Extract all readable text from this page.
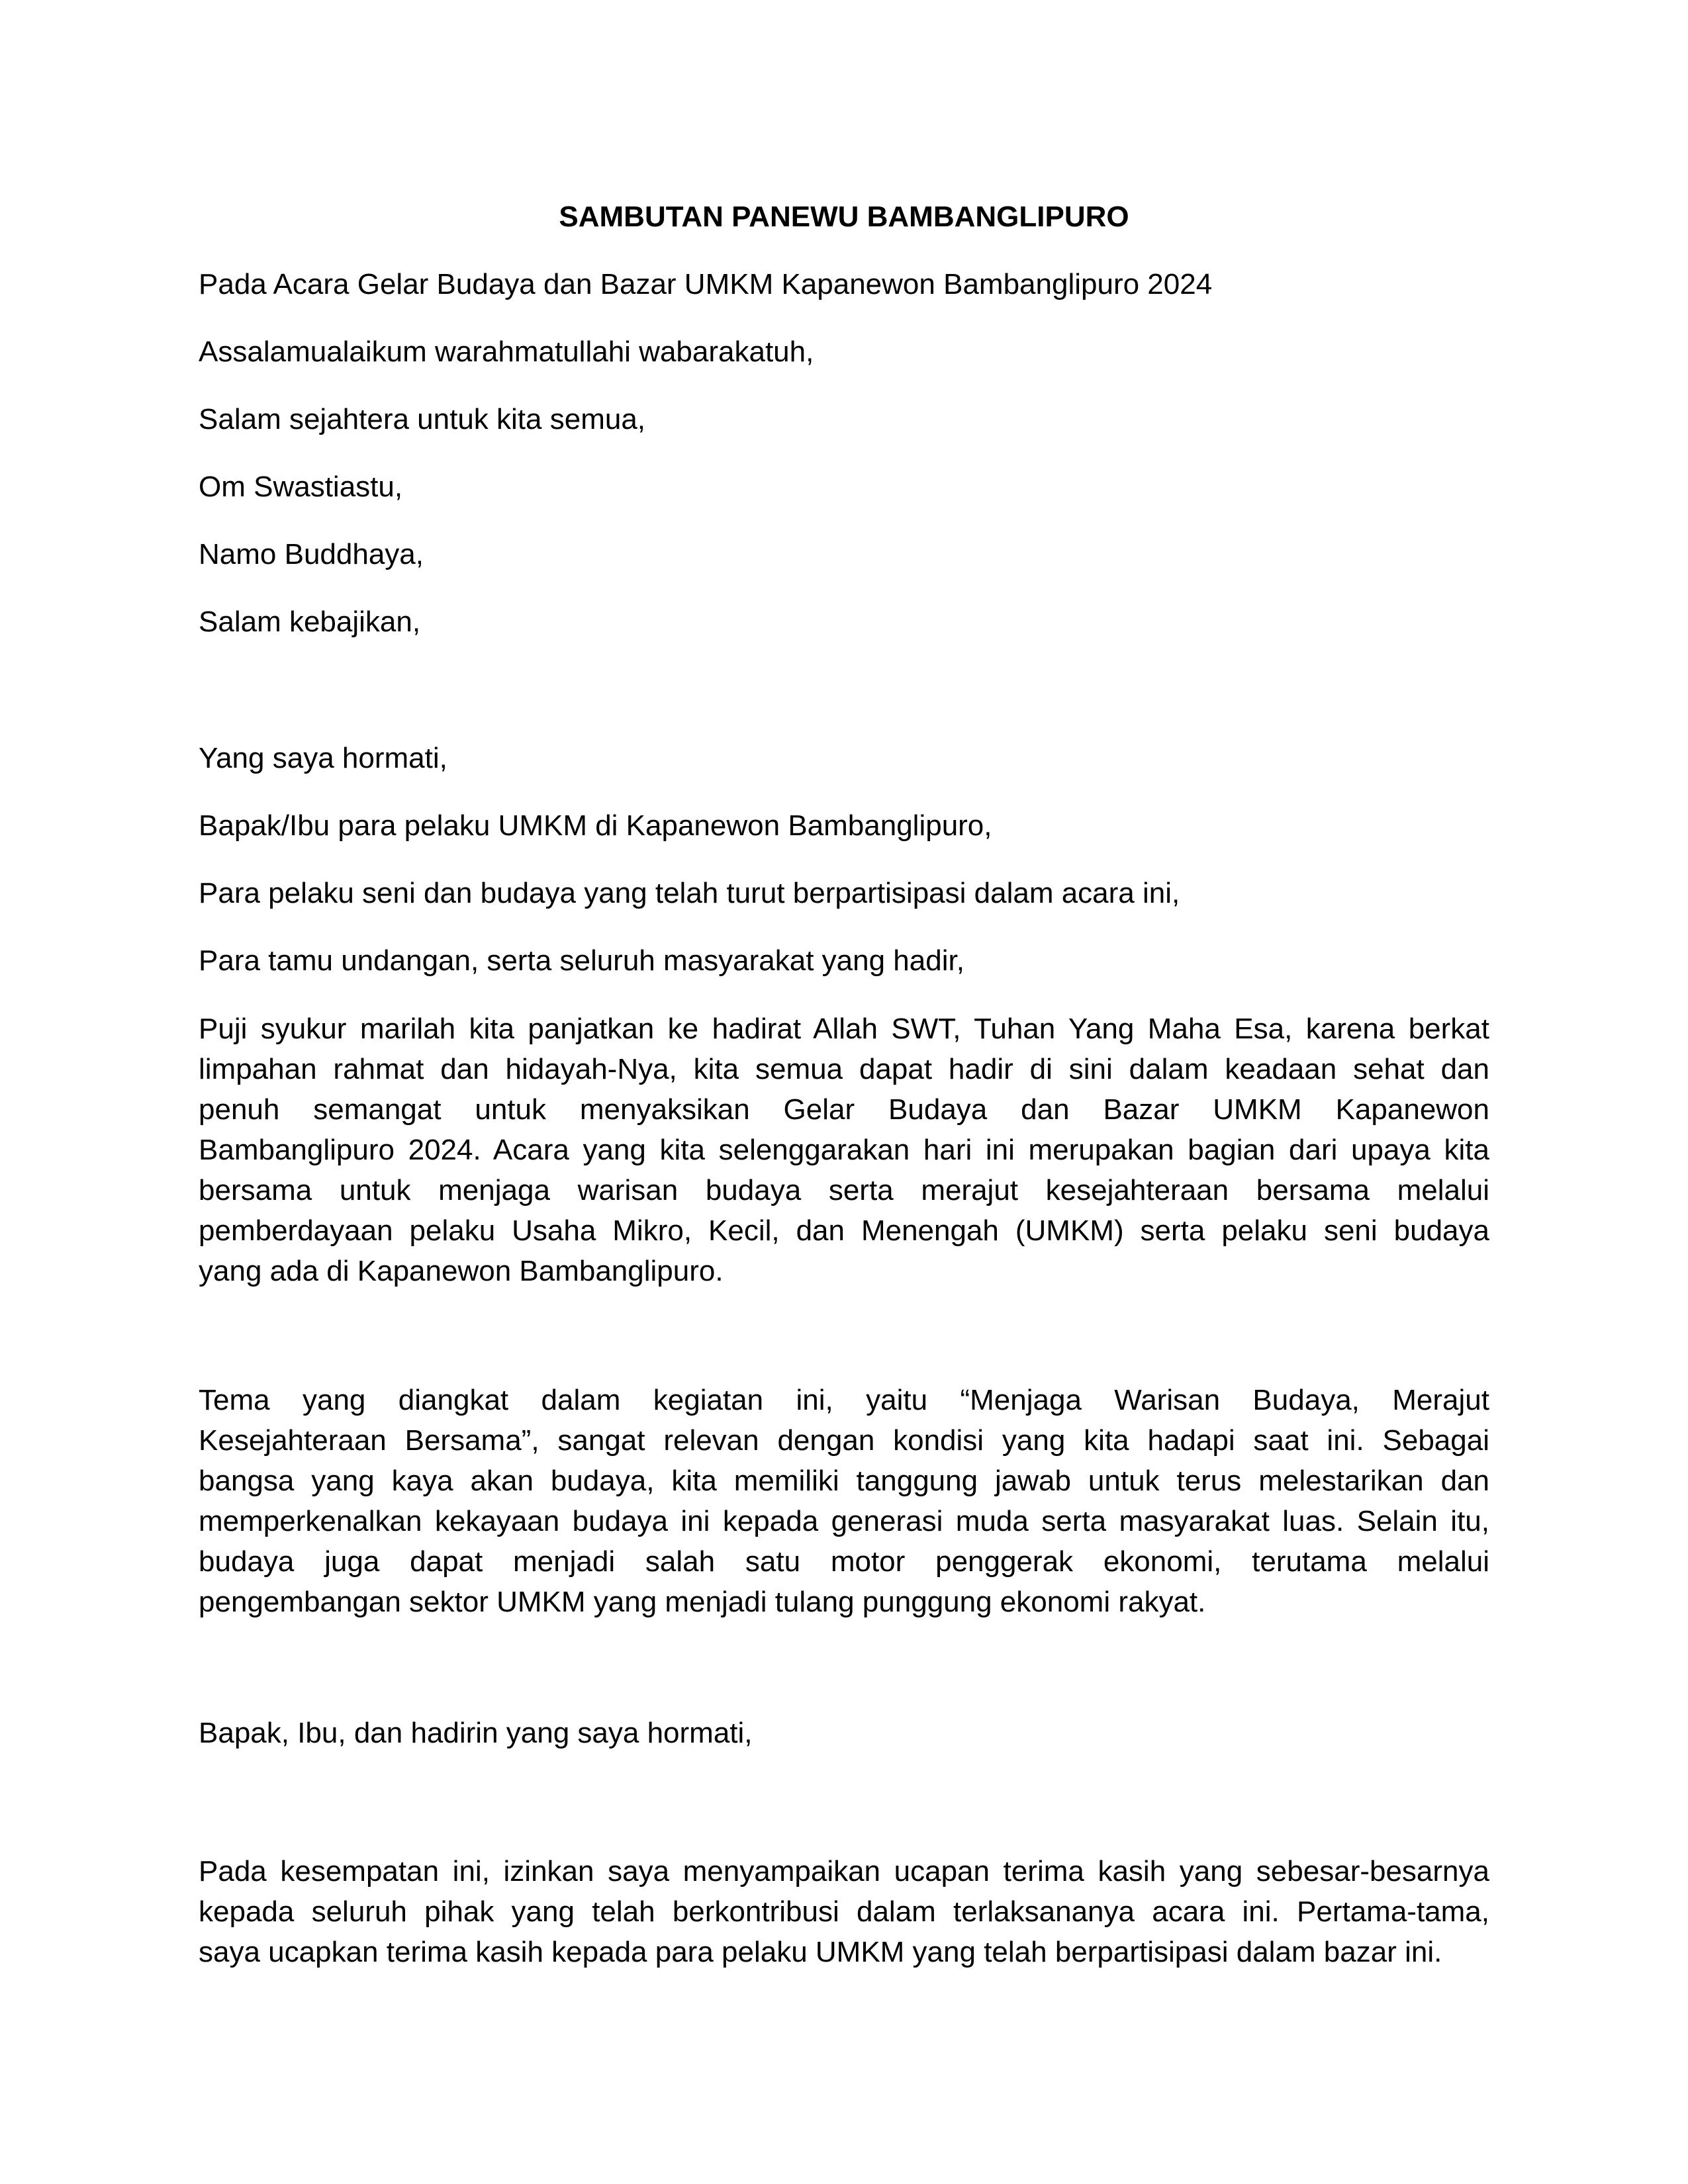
SAMBUTAN PANEWU BAMBANGLIPURO

Pada Acara Gelar Budaya dan Bazar UMKM Kapanewon Bambanglipuro 2024

Assalamualaikum warahmatullahi wabarakatuh,

Salam sejahtera untuk kita semua,

Om Swastiastu,

Namo Buddhaya,

Salam kebajikan,

Yang saya hormati,

Bapak/Ibu para pelaku UMKM di Kapanewon Bambanglipuro,

Para pelaku seni dan budaya yang telah turut berpartisipasi dalam acara ini,

Para tamu undangan, serta seluruh masyarakat yang hadir,

Puji syukur marilah kita panjatkan ke hadirat Allah SWT, Tuhan Yang Maha Esa, karena berkat
limpahan rahmat dan hidayah-Nya, kita semua dapat hadir di sini dalam keadaan sehat dan
penuh semangat untuk menyaksikan Gelar Budaya dan Bazar UMKM Kapanewon
Bambanglipuro 2024. Acara yang kita selenggarakan hari ini merupakan bagian dari upaya kita
bersama untuk menjaga warisan budaya serta merajut kesejahteraan bersama melalui
pemberdayaan pelaku Usaha Mikro, Kecil, dan Menengah (UMKM) serta pelaku seni budaya
yang ada di Kapanewon Bambanglipuro.
Tema yang diangkat dalam kegiatan ini, yaitu “Menjaga Warisan Budaya, Merajut
Kesejahteraan Bersama”, sangat relevan dengan kondisi yang kita hadapi saat ini. Sebagai
bangsa yang kaya akan budaya, kita memiliki tanggung jawab untuk terus melestarikan dan
memperkenalkan kekayaan budaya ini kepada generasi muda serta masyarakat luas. Selain itu,
budaya juga dapat menjadi salah satu motor penggerak ekonomi, terutama melalui
pengembangan sektor UMKM yang menjadi tulang punggung ekonomi rakyat.

Bapak, Ibu, dan hadirin yang saya hormati,

Pada kesempatan ini, izinkan saya menyampaikan ucapan terima kasih yang sebesar-besarnya
kepada seluruh pihak yang telah berkontribusi dalam terlaksananya acara ini. Pertama-tama,
saya ucapkan terima kasih kepada para pelaku UMKM yang telah berpartisipasi dalam bazar ini.
